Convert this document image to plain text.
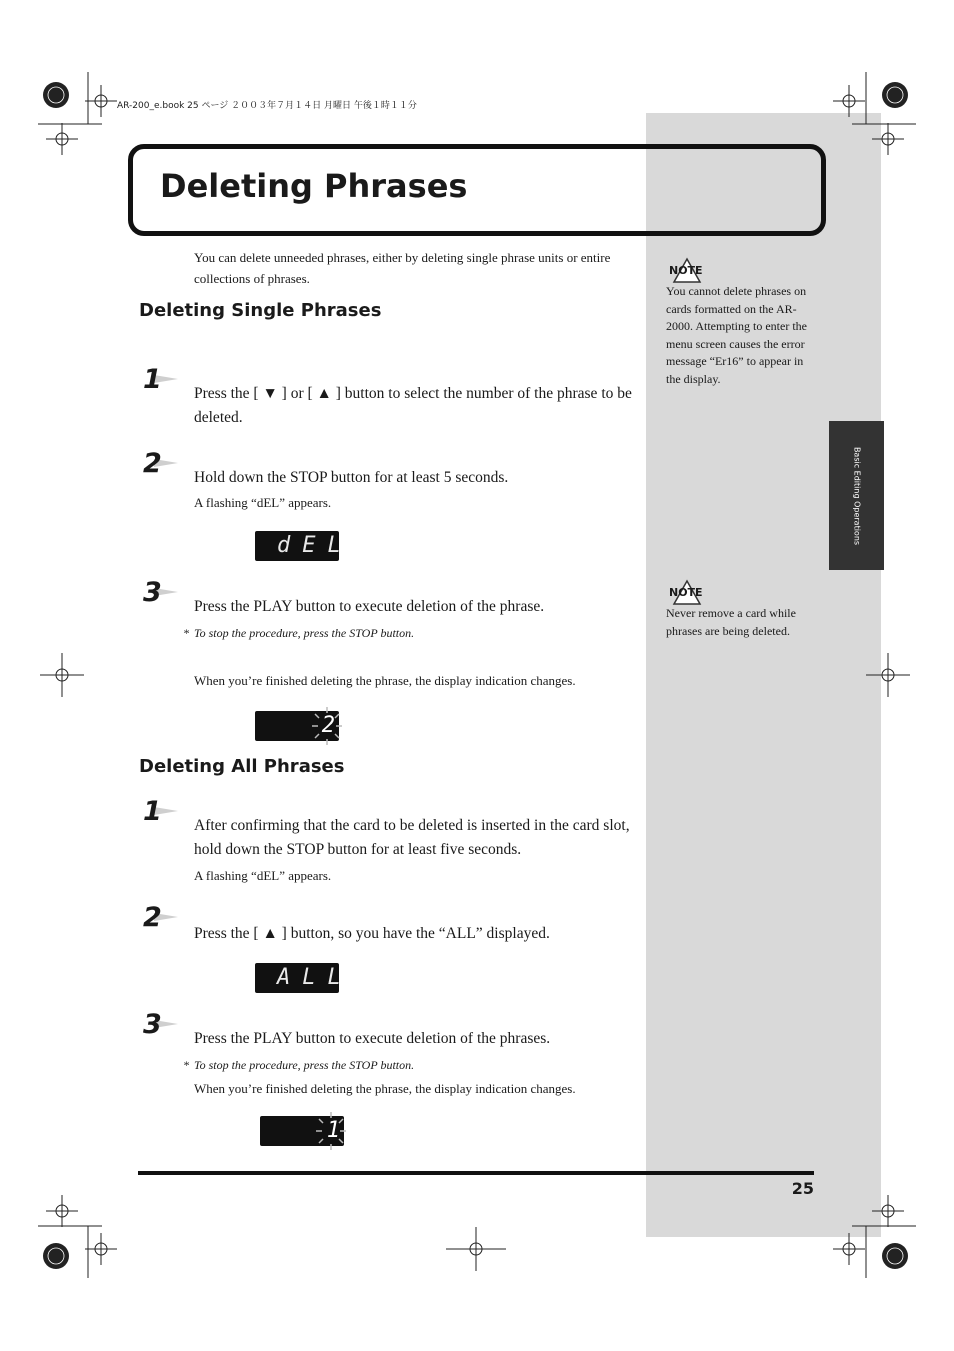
Basic Editing Operations
AR-200_e.book 25 ページ ２００３年７月１４日 月曜日 午後１時１１分
Deleting Phrases
You can delete unneeded phrases, either by deleting single phrase units or entire collections of phrases.
Deleting Single Phrases
1 Press the [ ▼ ] or [ ▲ ] button to select the number of the phrase to be deleted.
2 Hold down the STOP button for at least 5 seconds.
A flashing “dEL” appears.
dEL
3 Press the PLAY button to execute deletion of the phrase.
* To stop the procedure, press the STOP button.
When you’re finished deleting the phrase, the display indication changes.
2
Deleting All Phrases
1 After confirming that the card to be deleted is inserted in the card slot, hold down the STOP button for at least five seconds.
A flashing “dEL” appears.
2
Press the [ ▲ ] button, so you have the “ALL” displayed.
ALL
3 Press the PLAY button to execute deletion of the phrases.
* To stop the procedure, press the STOP button.
When you’re finished deleting the phrase, the display indication changes.
1
NOTE
You cannot delete phrases on cards formatted on the AR-2000. Attempting to enter the menu screen causes the error message “Er16” to appear in the display.
NOTE
Never remove a card while phrases are being deleted.
25
